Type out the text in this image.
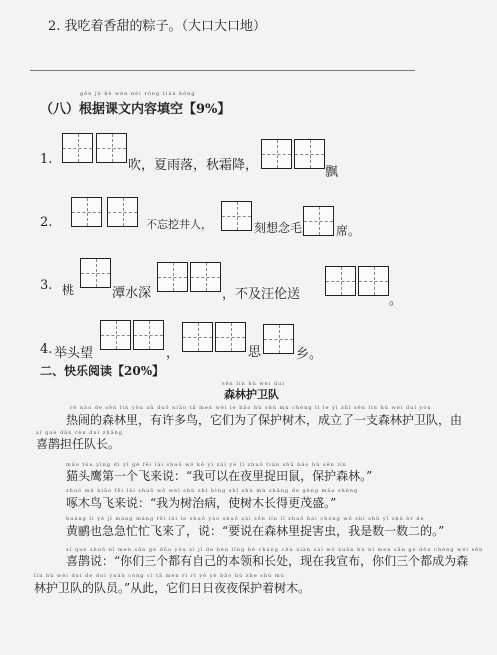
2. 我吃着香甜的粽子。（大口大口地）
gēn jù kè wén nèi róng tián kòng
（八）根据课文内容填空【9%】
1.	吹，夏雨落，秋霜降，	飘
2.	不忘挖井人，	刻想念毛	席。
3. 桃	潭水深	，不及汪伦送	。
4. 举头望	，	思	乡。
二、快乐阅读【20%】
sēn lín hù wèi duì
森林护卫队
rè nào de sēn lín yǒu xǔ duō niǎo tā men wèi le bǎo hù shù mù chéng lì le yì zhī sēn lín hù wèi duì yóu
热闹的森林里，有许多鸟，它们为了保护树木，成立了一支森林护卫队，由
xǐ què dān rèn duì zhǎng
喜鹊担任队长。
māo tóu yīng dì yī gè fēi lái shuō wǒ kě yǐ zài yè lǐ zhuō tián shǔ bǎo hù sēn lín
猫头鹰第一个飞来说：“我可以在夜里捉田鼠，保护森林。”
zhuó mù niǎo fēi lái shuō wǒ wèi shù zhì bìng shǐ shù mù zhǎng de gèng mào shèng
啄木鸟飞来说：“我为树治病，使树木长得更茂盛。”
huáng lí yě jí máng máng fēi lái le shuō yào shuō zài sēn lín lǐ zhuō hài chóng wǒ shì shǔ yī shǔ èr de
黄鹂也急急忙忙飞来了，说：“要说在森林里捉害虫，我是数一数二的。”
xǐ què shuō nǐ men sān gè dōu yǒu zì jǐ de běn lǐng hé cháng chù xiàn zài wǒ xuān bù nǐ men sān gè dōu chéng wéi sēn
喜鹊说：“你们三个都有自己的本领和长处，现在我宣布，你们三个都成为森
lín hù wèi duì de duì yuán cóng cǐ tā men rì rì yè yè bǎo hù zhe shù mù
林护卫队的队员。”从此，它们日日夜夜保护着树木。
